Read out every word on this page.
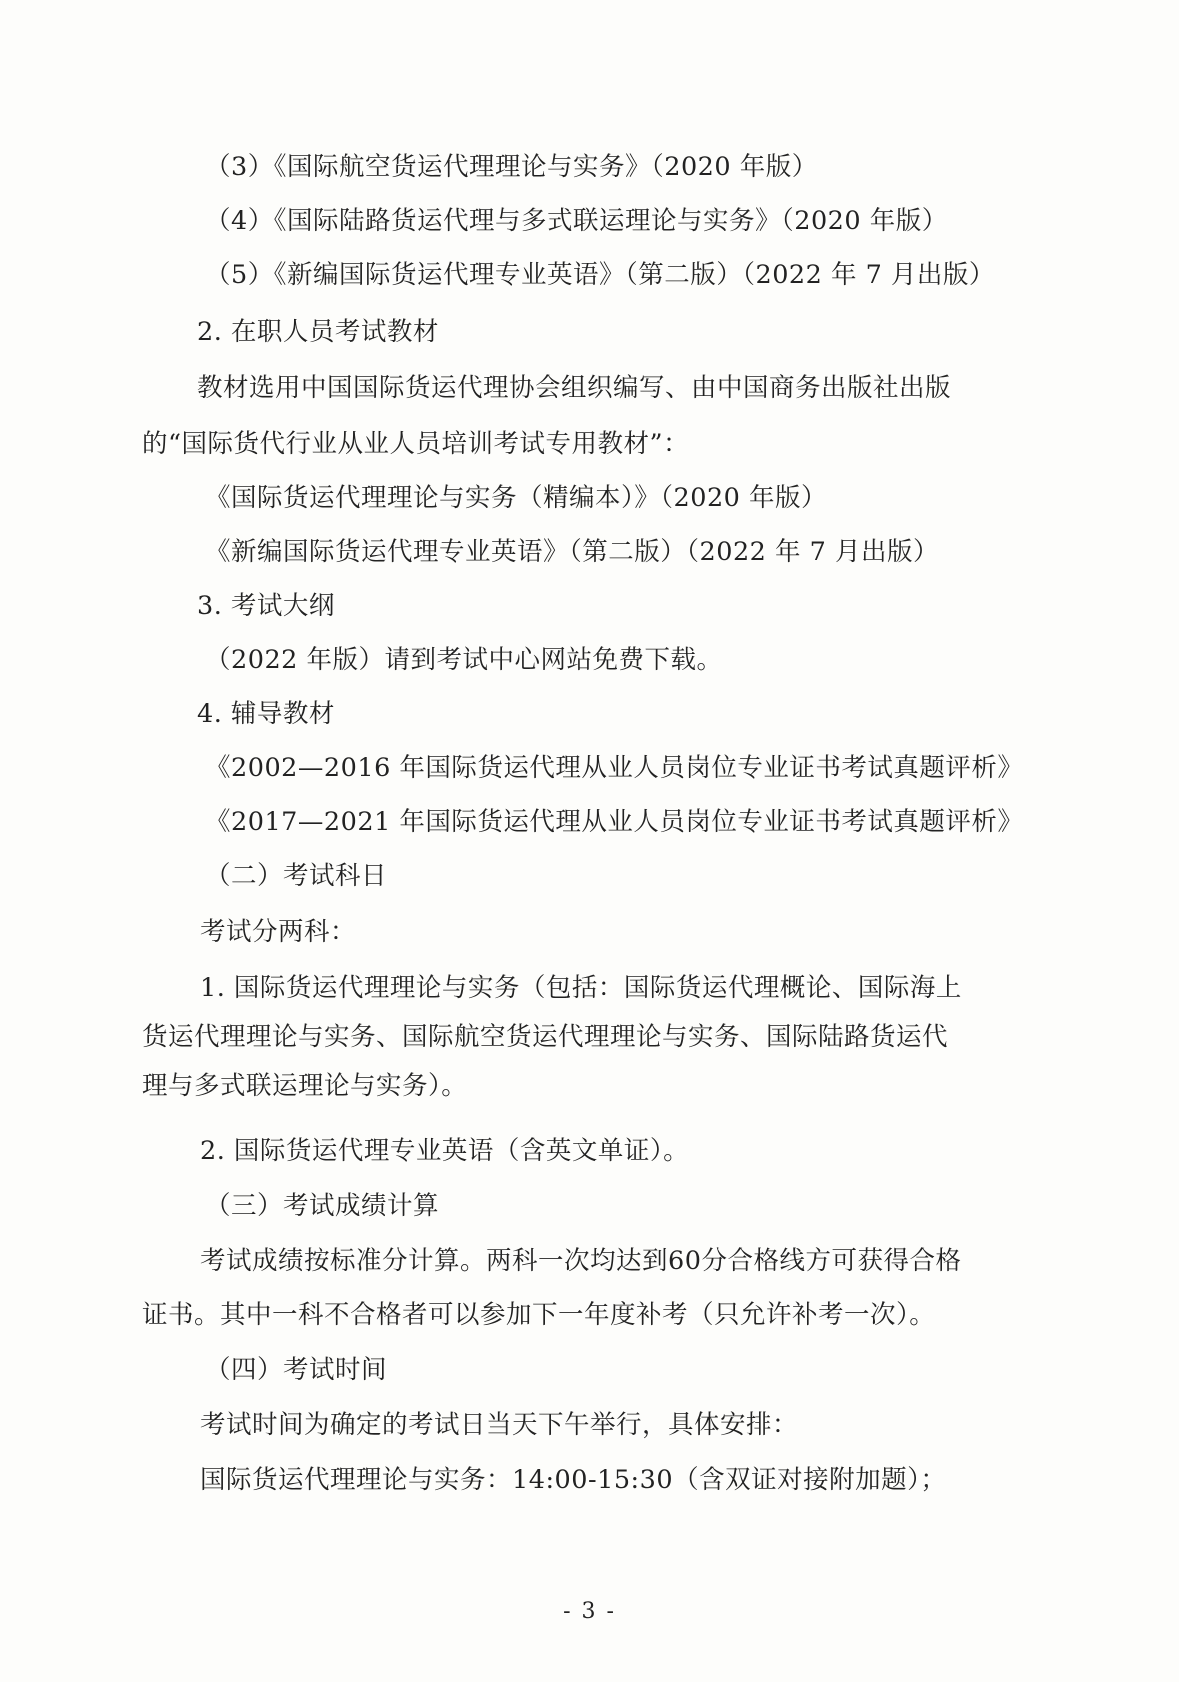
（3）《国际航空货运代理理论与实务》（2020 年版）
（4）《国际陆路货运代理与多式联运理论与实务》（2020 年版）
（5）《新编国际货运代理专业英语》（第二版）（2022 年 7 月出版）
2. 在职人员考试教材
教材选用中国国际货运代理协会组织编写、由中国商务出版社出版
的“国际货代行业从业人员培训考试专用教材”：
《国际货运代理理论与实务（精编本）》（2020 年版）
《新编国际货运代理专业英语》（第二版）（2022 年 7 月出版）
3. 考试大纲
（2022 年版）请到考试中心网站免费下载。
4. 辅导教材
《2002—2016 年国际货运代理从业人员岗位专业证书考试真题评析》
《2017—2021 年国际货运代理从业人员岗位专业证书考试真题评析》
（二）考试科日
考试分两科：
1. 国际货运代理理论与实务（包括：国际货运代理概论、国际海上
货运代理理论与实务、国际航空货运代理理论与实务、国际陆路货运代
理与多式联运理论与实务）。
2. 国际货运代理专业英语（含英文单证）。
（三）考试成绩计算
考试成绩按标准分计算。两科一次均达到60分合格线方可获得合格
证书。其中一科不合格者可以参加下一年度补考（只允许补考一次）。
（四）考试时间
考试时间为确定的考试日当天下午举行，具体安排：
国际货运代理理论与实务：14:00-15:30（含双证对接附加题）；
- 3 -
